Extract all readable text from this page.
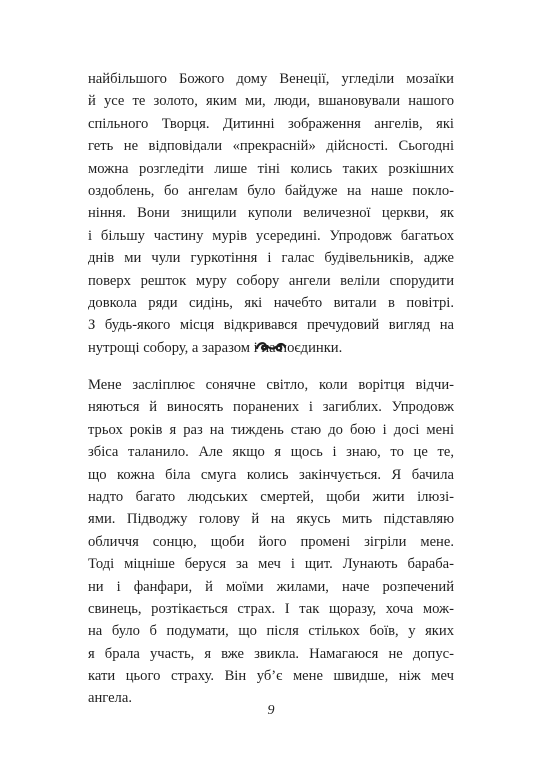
найбільшого Божого дому Венеції, угледіли мозаїки
й усе те золото, яким ми, люди, вшановували нашого
спільного Творця. Дитинні зображення ангелів, які
геть не відповідали «прекрасній» дійсності. Сьогодні
можна розгледіти лише тіні колись таких розкішних
оздоблень, бо ангелам було байдуже на наше покло-
ніння. Вони знищили куполи величезної церкви, як
і більшу частину мурів усередині. Упродовж багатьох
днів ми чули гуркотіння і галас будівельників, адже
поверх решток муру собору ангели веліли спорудити
довкола ряди сидінь, які начебто витали в повітрі.
З будь-якого місця відкривався пречудовий вигляд на
нутрощі собору, а заразом і на поєдинки.

Мене засліплює сонячне світло, коли ворітця відчи-
няються й виносять поранених і загиблих. Упродовж
трьох років я раз на тиждень стаю до бою і досі мені
збіса таланило. Але якщо я щось і знаю, то це те,
що кожна біла смуга колись закінчується. Я бачила
надто багато людських смертей, щоби жити ілюзі-
ями. Підводжу голову й на якусь мить підставляю
обличчя сонцю, щоби його промені зігріли мене.
Тоді міцніше беруся за меч і щит. Лунають бараба-
ни і фанфари, й моїми жилами, наче розпечений
свинець, розтікається страх. І так щоразу, хоча мож-
на було б подумати, що після стількох боїв, у яких
я брала участь, я вже звикла. Намагаюся не допус-
кати цього страху. Він уб’є мене швидше, ніж меч
ангела.

9
